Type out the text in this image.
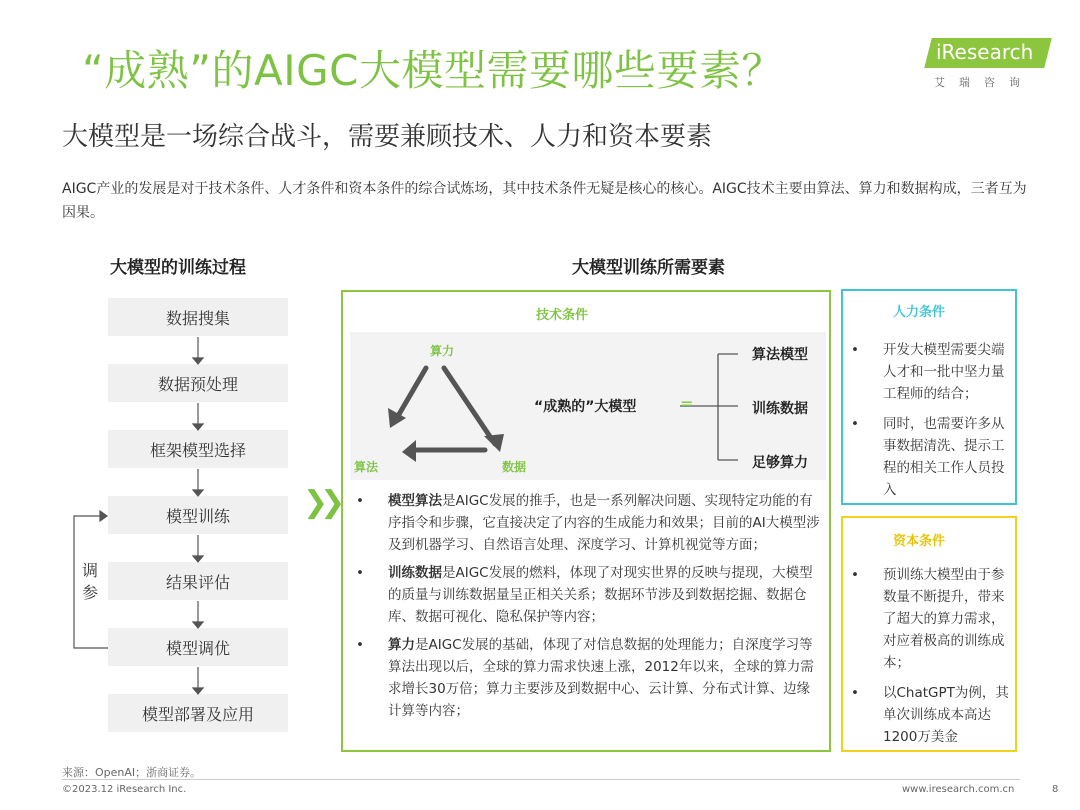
“成熟”的AIGC大模型需要哪些要素？
大模型是一场综合战斗，需要兼顾技术、人力和资本要素
AIGC产业的发展是对于技术条件、人才条件和资本条件的综合试炼场，其中技术条件无疑是核心的核心。AIGC技术主要由算法、算力和数据构成，三者互为因果。
iResearch
艾瑞咨询
大模型的训练过程
数据搜集
数据预处理
框架模型选择
模型训练
结果评估
模型调优
模型部署及应用
调参
❯❯
大模型训练所需要素
算力
算法	数据
“成熟的”大模型	=
算法模型
训练数据
足够算力
技术条件
• 模型算法是AIGC发展的推手，也是一系列解决问题、实现特定功能的有序指令和步骤，它直接决定了内容的生成能力和效果；目前的AI大模型涉及到机器学习、自然语言处理、深度学习、计算机视觉等方面；
• 训练数据是AIGC发展的燃料，体现了对现实世界的反映与提现，大模型的质量与训练数据量呈正相关关系；数据环节涉及到数据挖掘、数据仓库、数据可视化、隐私保护等内容；
• 算力是AIGC发展的基础，体现了对信息数据的处理能力；自深度学习等算法出现以后，全球的算力需求快速上涨，2012年以来，全球的算力需求增长30万倍；算力主要涉及到数据中心、云计算、分布式计算、边缘计算等内容；
人力条件
• 开发大模型需要尖端人才和一批中坚力量工程师的结合；
• 同时，也需要许多从事数据清洗、提示工程的相关工作人员投入
资本条件
• 预训练大模型由于参数量不断提升，带来了超大的算力需求，对应着极高的训练成本；
• 以ChatGPT为例，其单次训练成本高达1200万美金
来源：OpenAI；浙商证券。
©2023.12 iResearch Inc.	www.iresearch.com.cn	8
